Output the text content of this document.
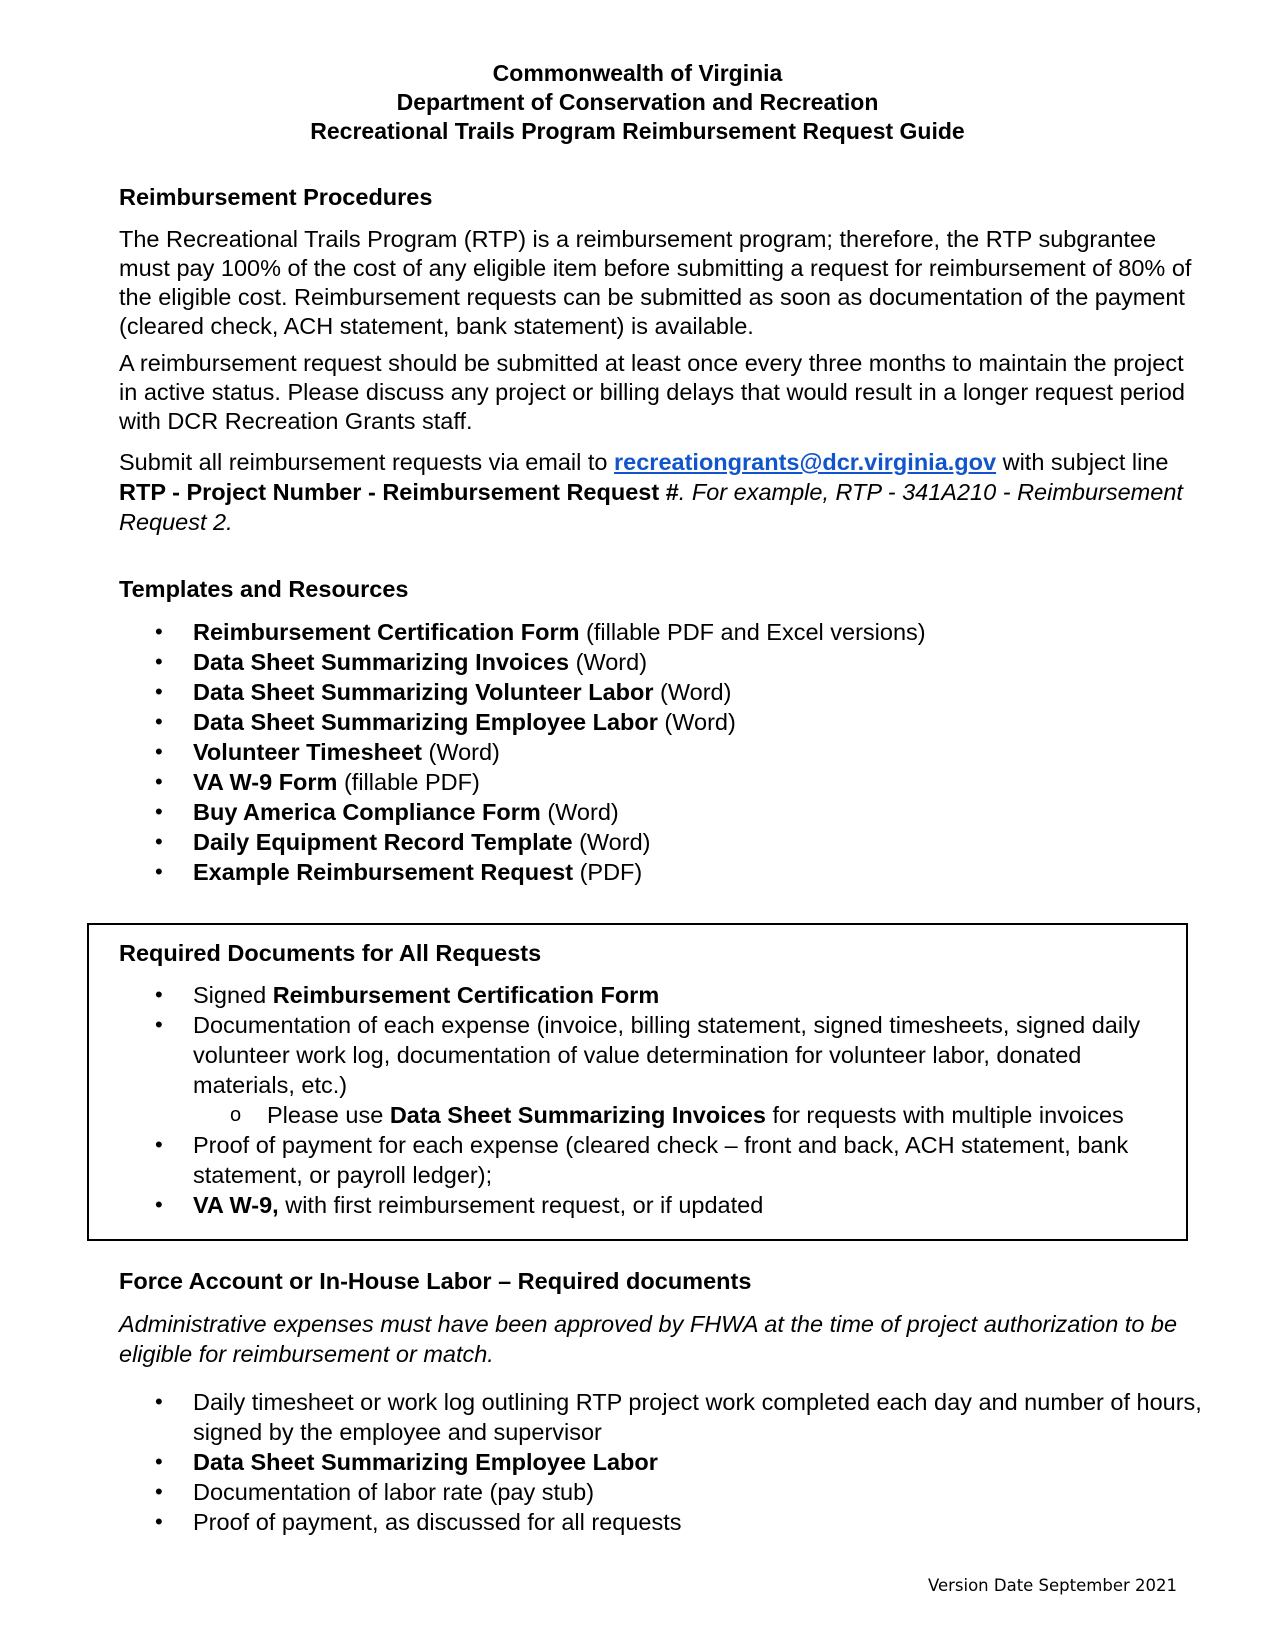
Commonwealth of Virginia
Department of Conservation and Recreation
Recreational Trails Program Reimbursement Request Guide
Reimbursement Procedures
The Recreational Trails Program (RTP) is a reimbursement program; therefore, the RTP subgrantee must pay 100% of the cost of any eligible item before submitting a request for reimbursement of 80% of the eligible cost. Reimbursement requests can be submitted as soon as documentation of the payment (cleared check, ACH statement, bank statement) is available.
A reimbursement request should be submitted at least once every three months to maintain the project in active status. Please discuss any project or billing delays that would result in a longer request period with DCR Recreation Grants staff.
Submit all reimbursement requests via email to recreationgrants@dcr.virginia.gov with subject line RTP - Project Number - Reimbursement Request #. For example, RTP - 341A210 - Reimbursement Request 2.
Templates and Resources
• Reimbursement Certification Form (fillable PDF and Excel versions)
• Data Sheet Summarizing Invoices (Word)
• Data Sheet Summarizing Volunteer Labor (Word)
• Data Sheet Summarizing Employee Labor (Word)
• Volunteer Timesheet (Word)
• VA W-9 Form (fillable PDF)
• Buy America Compliance Form (Word)
• Daily Equipment Record Template (Word)
• Example Reimbursement Request (PDF)
Required Documents for All Requests
• Signed Reimbursement Certification Form
• Documentation of each expense (invoice, billing statement, signed timesheets, signed daily volunteer work log, documentation of value determination for volunteer labor, donated materials, etc.)
o Please use Data Sheet Summarizing Invoices for requests with multiple invoices
• Proof of payment for each expense (cleared check – front and back, ACH statement, bank statement, or payroll ledger);
• VA W-9, with first reimbursement request, or if updated
Force Account or In-House Labor – Required documents
Administrative expenses must have been approved by FHWA at the time of project authorization to be eligible for reimbursement or match.
• Daily timesheet or work log outlining RTP project work completed each day and number of hours, signed by the employee and supervisor
• Data Sheet Summarizing Employee Labor
• Documentation of labor rate (pay stub)
• Proof of payment, as discussed for all requests
Version Date September 2021
